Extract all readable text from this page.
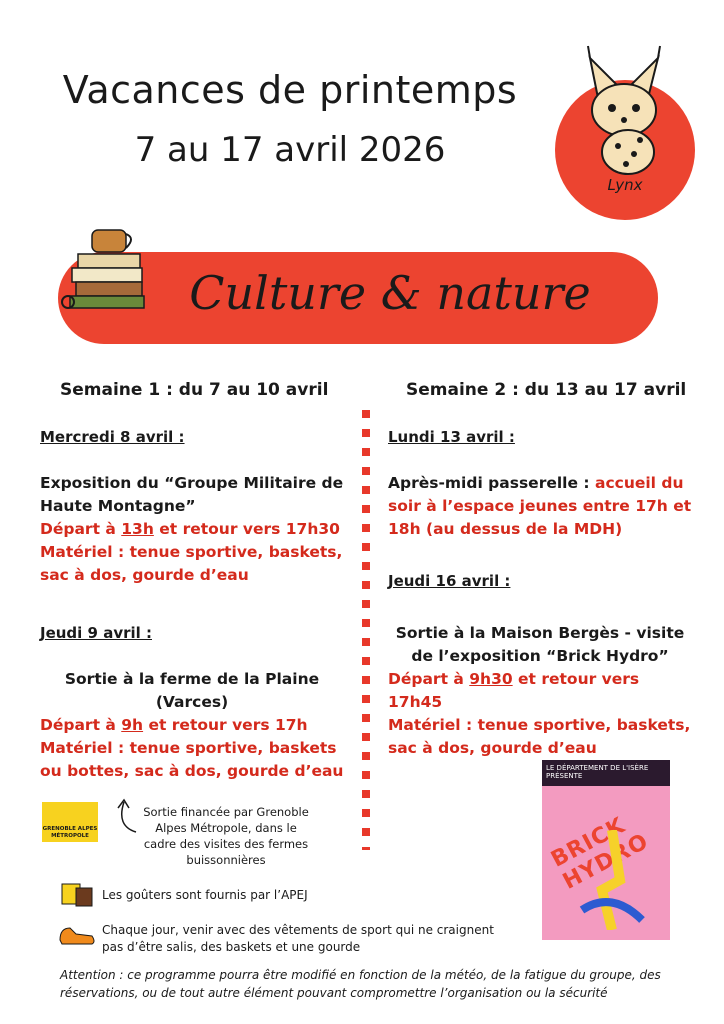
Vacances de printemps
7 au 17 avril 2026
Lynx
Culture & nature
Semaine 1 : du 7 au 10 avril	Semaine 2 : du 13 au 17 avril
Mercredi 8 avril :
Exposition du “Groupe Militaire de Haute Montagne”
Départ à 13h et retour vers 17h30
Matériel : tenue sportive, baskets, sac à dos, gourde d’eau
Jeudi 9 avril :
Sortie à la ferme de la Plaine (Varces)
Départ à 9h et retour vers 17h
Matériel : tenue sportive, baskets ou bottes, sac à dos, gourde d’eau
GRENOBLE ALPES MÉTROPOLE
Sortie financée par Grenoble Alpes Métropole, dans le cadre des visites des fermes buissonnières
Lundi 13 avril :
Après-midi passerelle : accueil du soir à l’espace jeunes entre 17h et 18h (au dessus de la MDH)
Jeudi 16 avril :
Sortie à la Maison Bergès - visite de l’exposition “Brick Hydro”
Départ à 9h30 et retour vers 17h45
Matériel : tenue sportive, baskets, sac à dos, gourde d’eau
LE DÉPARTEMENT DE L'ISÈRE PRÉSENTE
BRICK HYDRO
Les goûters sont fournis par l’APEJ
Chaque jour, venir avec des vêtements de sport qui ne craignent pas d’être salis, des baskets et une gourde
Attention : ce programme pourra être modifié en fonction de la météo, de la fatigue du groupe, des réservations, ou de tout autre élément pouvant compromettre l’organisation ou la sécurité
